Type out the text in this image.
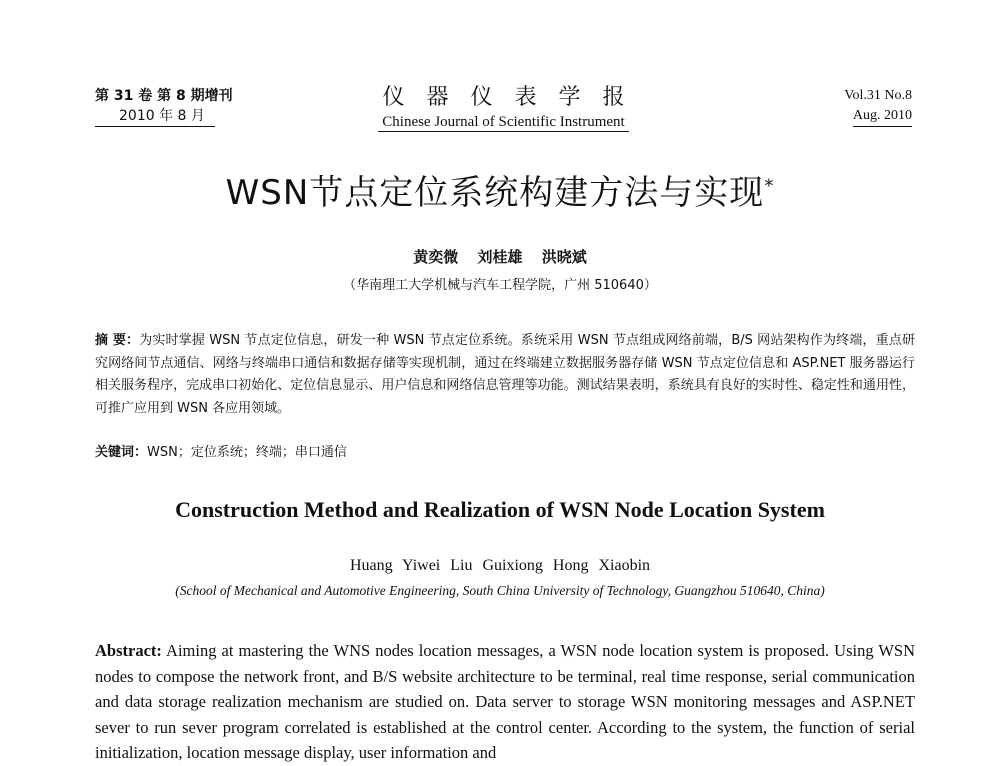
第 31 卷 第 8 期增刊
2010 年 8 月
仪器仪表学报
Chinese Journal of Scientific Instrument
Vol.31 No.8
Aug. 2010
WSN节点定位系统构建方法与实现*
黄奕微 刘桂雄 洪晓斌
（华南理工大学机械与汽车工程学院，广州 510640）
摘 要：为实时掌握 WSN 节点定位信息，研发一种 WSN 节点定位系统。系统采用 WSN 节点组成网络前端，B/S 网站架构作为终端，重点研究网络间节点通信、网络与终端串口通信和数据存储等实现机制，通过在终端建立数据服务器存储 WSN 节点定位信息和 ASP.NET 服务器运行相关服务程序，完成串口初始化、定位信息显示、用户信息和网络信息管理等功能。测试结果表明，系统具有良好的实时性、稳定性和通用性，可推广应用到 WSN 各应用领域。
关键词：WSN；定位系统；终端；串口通信
Construction Method and Realization of WSN Node Location System
Huang Yiwei Liu Guixiong Hong Xiaobin
(School of Mechanical and Automotive Engineering, South China University of Technology, Guangzhou 510640, China)
Abstract: Aiming at mastering the WNS nodes location messages, a WSN node location system is proposed. Using WSN nodes to compose the network front, and B/S website architecture to be terminal, real time response, serial communication and data storage realization mechanism are studied on. Data server to storage WSN monitoring messages and ASP.NET sever to run sever program correlated is established at the control center. According to the system, the function of serial initialization, location message display, user information and
